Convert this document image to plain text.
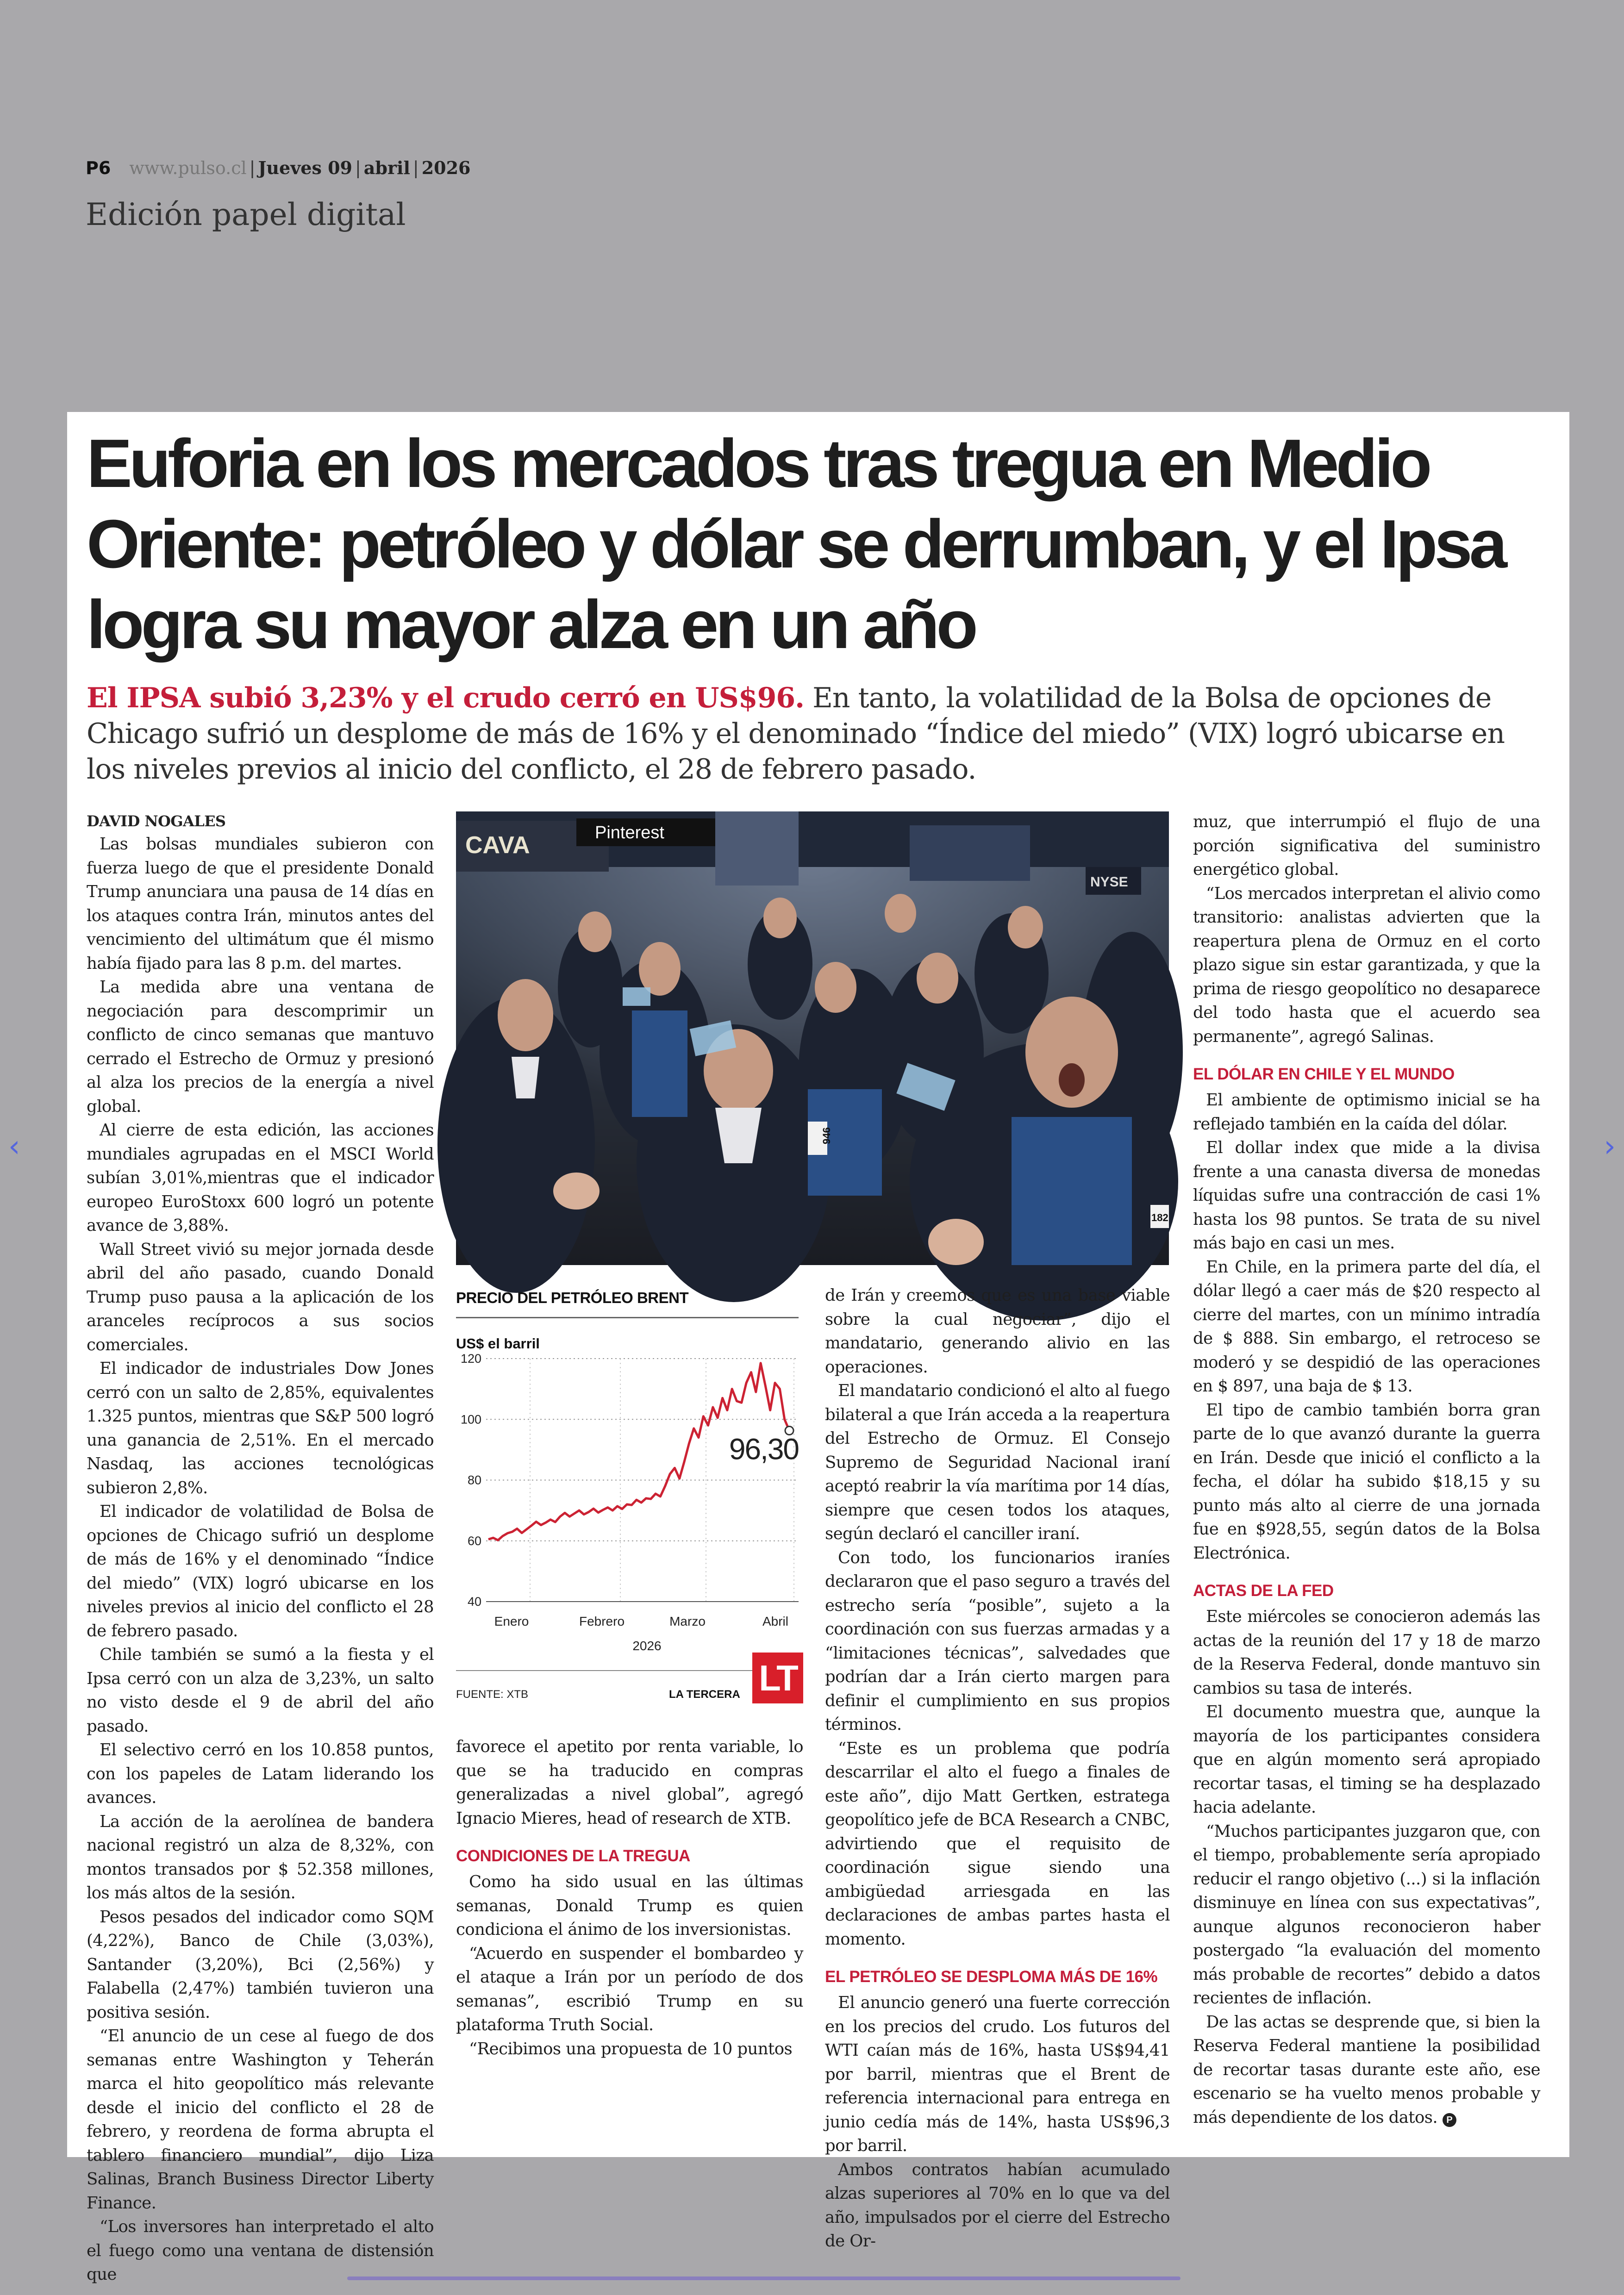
P6 www.pulso.cl | Jueves 09 | abril | 2026
Edición papel digital
‹	›
Euforia en los mercados tras tregua en Medio Oriente: petróleo y dólar se derrumban, y el Ipsa logra su mayor alza en un año
El IPSA subió 3,23% y el crudo cerró en US$96. En tanto, la volatilidad de la Bolsa de opciones de Chicago sufrió un desplome de más de 16% y el denominado “Índice del miedo” (VIX) logró ubicarse en los niveles previos al inicio del conflicto, el 28 de febrero pasado.
DAVID NOGALES

Las bolsas mundiales subieron con fuerza luego de que el presidente Donald Trump anunciara una pausa de 14 días en los ataques contra Irán, minutos antes del vencimiento del ultimátum que él mismo había fijado para las 8 p.m. del martes.

La medida abre una ventana de negociación para descomprimir un conflicto de cinco semanas que mantuvo cerrado el Estrecho de Ormuz y presionó al alza los precios de la energía a nivel global.

Al cierre de esta edición, las acciones mundiales agrupadas en el MSCI World subían 3,01%,mientras que el indicador europeo EuroStoxx 600 logró un potente avance de 3,88%.

Wall Street vivió su mejor jornada desde abril del año pasado, cuando Donald Trump puso pausa a la aplicación de los aranceles recíprocos a sus socios comerciales.

El indicador de industriales Dow Jones cerró con un salto de 2,85%, equivalentes 1.325 puntos, mientras que S&P 500 logró una ganancia de 2,51%. En el mercado Nasdaq, las acciones tecnológicas subieron 2,8%.

El indicador de volatilidad de Bolsa de opciones de Chicago sufrió un desplome de más de 16% y el denominado “Índice del miedo” (VIX) logró ubicarse en los niveles previos al inicio del conflicto el 28 de febrero pasado.

Chile también se sumó a la fiesta y el Ipsa cerró con un alza de 3,23%, un salto no visto desde el 9 de abril del año pasado.

El selectivo cerró en los 10.858 puntos, con los papeles de Latam liderando los avances.

La acción de la aerolínea de bandera nacional registró un alza de 8,32%, con montos transados por $ 52.358 millones, los más altos de la sesión.

Pesos pesados del indicador como SQM (4,22%), Banco de Chile (3,03%), Santander (3,20%), Bci (2,56%) y Falabella (2,47%) también tuvieron una positiva sesión.

“El anuncio de un cese al fuego de dos semanas entre Washington y Teherán marca el hito geopolítico más relevante desde el inicio del conflicto el 28 de febrero, y reordena de forma abrupta el tablero financiero mundial”, dijo Liza Salinas, Branch Business Director Liberty Finance.

“Los inversores han interpretado el alto el fuego como una ventana de distensión que

CAVA	Pinterest
NYSE
946
182
PRECIO DEL PETRÓLEO BRENT
US$ el barril
40
60
80
100
120
Enero	Febrero	Marzo	Abril
2026
96,30
FUENTE: XTB	LA TERCERA LT

favorece el apetito por renta variable, lo que se ha traducido en compras generalizadas a nivel global”, agregó Ignacio Mieres, head of research de XTB.

CONDICIONES DE LA TREGUA

Como ha sido usual en las últimas semanas, Donald Trump es quien condiciona el ánimo de los inversionistas.

“Acuerdo en suspender el bombardeo y el ataque a Irán por un período de dos semanas”, escribió Trump en su plataforma Truth Social.

“Recibimos una propuesta de 10 puntos

de Irán y creemos que es una base viable sobre la cual negociar”, dijo el mandatario, generando alivio en las operaciones.

El mandatario condicionó el alto al fuego bilateral a que Irán acceda a la reapertura del Estrecho de Ormuz. El Consejo Supremo de Seguridad Nacional iraní aceptó reabrir la vía marítima por 14 días, siempre que cesen todos los ataques, según declaró el canciller iraní.

Con todo, los funcionarios iraníes declararon que el paso seguro a través del estrecho sería “posible”, sujeto a la coordinación con sus fuerzas armadas y a “limitaciones técnicas”, salvedades que podrían dar a Irán cierto margen para definir el cumplimiento en sus propios términos.

“Este es un problema que podría descarrilar el alto el fuego a finales de este año”, dijo Matt Gertken, estratega geopolítico jefe de BCA Research a CNBC, advirtiendo que el requisito de coordinación sigue siendo una ambigüedad arriesgada en las declaraciones de ambas partes hasta el momento.

EL PETRÓLEO SE DESPLOMA MÁS DE 16%

El anuncio generó una fuerte corrección en los precios del crudo. Los futuros del WTI caían más de 16%, hasta US$94,41 por barril, mientras que el Brent de referencia internacional para entrega en junio cedía más de 14%, hasta US$96,3 por barril.

Ambos contratos habían acumulado alzas superiores al 70% en lo que va del año, impulsados por el cierre del Estrecho de Or-

muz, que interrumpió el flujo de una porción significativa del suministro energético global.

“Los mercados interpretan el alivio como transitorio: analistas advierten que la reapertura plena de Ormuz en el corto plazo sigue sin estar garantizada, y que la prima de riesgo geopolítico no desaparece del todo hasta que el acuerdo sea permanente”, agregó Salinas.

EL DÓLAR EN CHILE Y EL MUNDO

El ambiente de optimismo inicial se ha reflejado también en la caída del dólar.

El dollar index que mide a la divisa frente a una canasta diversa de monedas líquidas sufre una contracción de casi 1% hasta los 98 puntos. Se trata de su nivel más bajo en casi un mes.

En Chile, en la primera parte del día, el dólar llegó a caer más de $20 respecto al cierre del martes, con un mínimo intradía de $ 888. Sin embargo, el retroceso se moderó y se despidió de las operaciones en $ 897, una baja de $ 13.

El tipo de cambio también borra gran parte de lo que avanzó durante la guerra en Irán. Desde que inició el conflicto a la fecha, el dólar ha subido $18,15 y su punto más alto al cierre de una jornada fue en $928,55, según datos de la Bolsa Electrónica.

ACTAS DE LA FED

Este miércoles se conocieron además las actas de la reunión del 17 y 18 de marzo de la Reserva Federal, donde mantuvo sin cambios su tasa de interés.

El documento muestra que, aunque la mayoría de los participantes considera que en algún momento será apropiado recortar tasas, el timing se ha desplazado hacia adelante.

“Muchos participantes juzgaron que, con el tiempo, probablemente sería apropiado reducir el rango objetivo (...) si la inflación disminuye en línea con sus expectativas”, aunque algunos reconocieron haber postergado “la evaluación del momento más probable de recortes” debido a datos recientes de inflación.

De las actas se desprende que, si bien la Reserva Federal mantiene la posibilidad de recortar tasas durante este año, ese escenario se ha vuelto menos probable y más dependiente de los datos. P
